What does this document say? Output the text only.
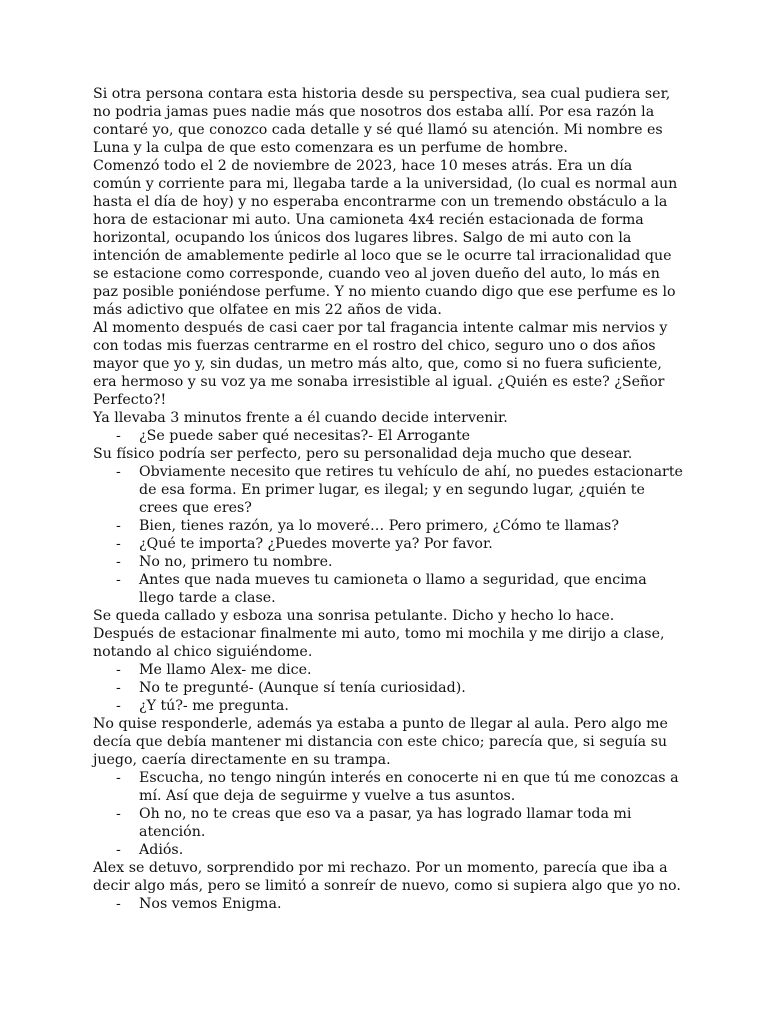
Si otra persona contara esta historia desde su perspectiva, sea cual pudiera ser, no podria jamas pues nadie más que nosotros dos estaba allí. Por esa razón la contaré yo, que conozco cada detalle y sé qué llamó su atención. Mi nombre es Luna y la culpa de que esto comenzara es un perfume de hombre.

Comenzó todo el 2 de noviembre de 2023, hace 10 meses atrás. Era un día común y corriente para mi, llegaba tarde a la universidad, (lo cual es normal aun hasta el día de hoy) y no esperaba encontrarme con un tremendo obstáculo a la hora de estacionar mi auto. Una camioneta 4x4 recién estacionada de forma horizontal, ocupando los únicos dos lugares libres. Salgo de mi auto con la intención de amablemente pedirle al loco que se le ocurre tal irracionalidad que se estacione como corresponde, cuando veo al joven dueño del auto, lo más en paz posible poniéndose perfume. Y no miento cuando digo que ese perfume es lo más adictivo que olfatee en mis 22 años de vida.

Al momento después de casi caer por tal fragancia intente calmar mis nervios y con todas mis fuerzas centrarme en el rostro del chico, seguro uno o dos años mayor que yo y, sin dudas, un metro más alto, que, como si no fuera suficiente, era hermoso y su voz ya me sonaba irresistible al igual. ¿Quién es este? ¿Señor Perfecto?!

Ya llevaba 3 minutos frente a él cuando decide intervenir.

- ¿Se puede saber qué necesitas?- El Arrogante

Su físico podría ser perfecto, pero su personalidad deja mucho que desear.

- Obviamente necesito que retires tu vehículo de ahí, no puedes estacionarte de esa forma. En primer lugar, es ilegal; y en segundo lugar, ¿quién te crees que eres?
- Bien, tienes razón, ya lo moveré… Pero primero, ¿Cómo te llamas?
- ¿Qué te importa? ¿Puedes moverte ya? Por favor.
- No no, primero tu nombre.
- Antes que nada mueves tu camioneta o llamo a seguridad, que encima llego tarde a clase.

Se queda callado y esboza una sonrisa petulante. Dicho y hecho lo hace.

Después de estacionar finalmente mi auto, tomo mi mochila y me dirijo a clase, notando al chico siguiéndome.

- Me llamo Alex- me dice.
- No te pregunté- (Aunque sí tenía curiosidad).
- ¿Y tú?- me pregunta.

No quise responderle, además ya estaba a punto de llegar al aula. Pero algo me decía que debía mantener mi distancia con este chico; parecía que, si seguía su juego, caería directamente en su trampa.

- Escucha, no tengo ningún interés en conocerte ni en que tú me conozcas a mí. Así que deja de seguirme y vuelve a tus asuntos.
- Oh no, no te creas que eso va a pasar, ya has logrado llamar toda mi atención.
- Adiós.

Alex se detuvo, sorprendido por mi rechazo. Por un momento, parecía que iba a decir algo más, pero se limitó a sonreír de nuevo, como si supiera algo que yo no.

- Nos vemos Enigma.
